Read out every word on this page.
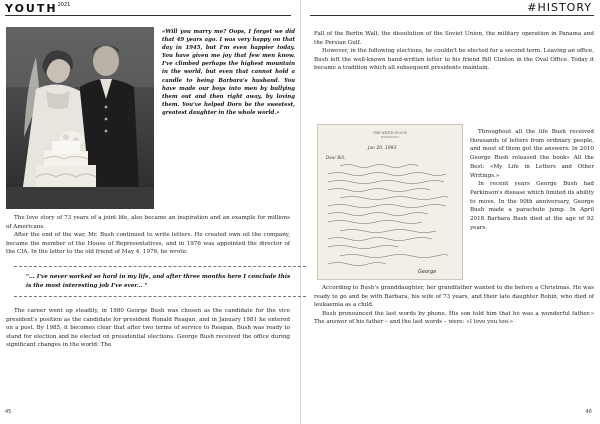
$YOUTH^{2021}$	#HISTORY
«Will you marry me? Oops, I forget we did that 49 years ago. I was very happy on that day in 1945, but I'm even happier today. You have given me joy that few men know. I've climbed perhaps the highest mountain in the world, but even that cannot hold a candle to being Barbara's husband. You have made our boys into men by bullying them out and then right away, by loving them. You've helped Doro be the sweetest, greatest daughter in the whole world.»

The love story of 73 years of a joint life, also became an inspiration and an example for millions of Americans.

After the end of the war, Mr. Bush continued to write letters. He created own oil the company, became the member of the House of Representatives, and in 1976 was appointed the director of the CIA. In the letter to the old friend of May 4, 1976, he wrote:

"... I've never worked so hard in my life, and after three months here I conclude this is the most interesting job I've ever... "

The career went up steadily, in 1980 George Bush was chosen as the candidate for the vice president's position as the candidate for president Ronald Reagan, and in January 1981 he entered on a post. By 1985, it becomes clear that after two terms of service to Reagan, Bush was ready to stand for election and be elected on presidential elections. George Bush received the office during significant changes in the world: The

45

Fall of the Berlin Wall, the dissolution of the Soviet Union, the military operation in Panama and the Persian Gulf.

However, in the following elections, he couldn't be elected for a second term. Leaving an office, Bush left the well-known hand-written letter to his friend Bill Clinton in the Oval Office. Today it became a tradition which all subsequent presidents maintain.

THE WHITE HOUSE
WASHINGTON
Jan 20, 1993
Dear Bill,
George

Throughout all the life Bush received thousands of letters from ordinary people, and most of them got the answers. In 2010 George Bush released the book« All the Best: «My Life in Letters and Other Writings.»

In recent years George Bush had Parkinson's disease which limited its ability to move. In the 90th anniversary, George Bush made a parachute jump. In April 2018 Barbara Bush died at the age of 92 years.

According to Bush's granddaughter, her grandfather wanted to die before a Christmas. He was ready to go and be with Barbara, his wife of 73 years, and their late daughter Robin, who died of leukaemia as a child.

Bush pronounced the last words by phone. His son told him that he was a wonderful father.» The answer of his father – and the last words – were: «I love you too.»

46
